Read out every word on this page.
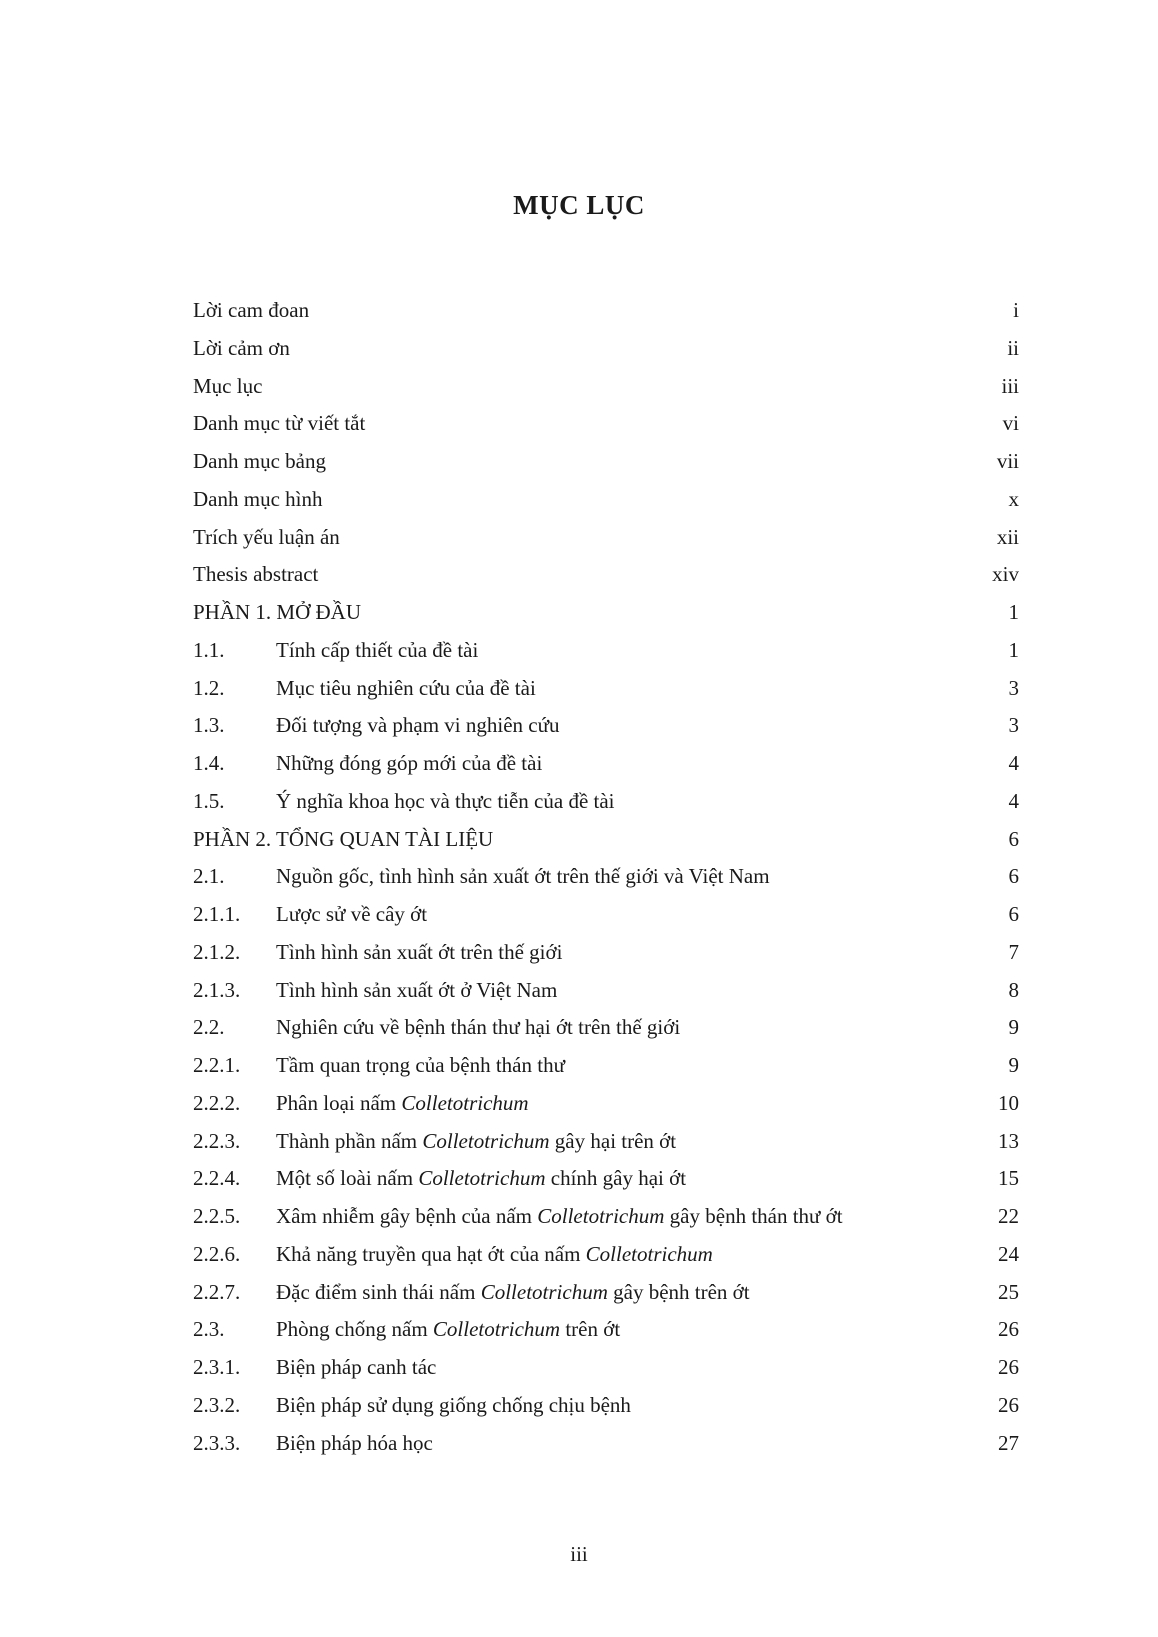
MỤC LỤC
Lời cam đoan	i
Lời cảm ơn	ii
Mục lục	iii
Danh mục từ viết tắt	vi
Danh mục bảng	vii
Danh mục hình	x
Trích yếu luận án	xii
Thesis abstract	xiv
PHẦN 1. MỞ ĐẦU	1
1.1. Tính cấp thiết của đề tài	1
1.2. Mục tiêu nghiên cứu của đề tài	3
1.3. Đối tượng và phạm vi nghiên cứu	3
1.4. Những đóng góp mới của đề tài	4
1.5. Ý nghĩa khoa học và thực tiễn của đề tài	4
PHẦN 2. TỔNG QUAN TÀI LIỆU	6
2.1. Nguồn gốc, tình hình sản xuất ớt trên thế giới và Việt Nam	6
2.1.1. Lược sử về cây ớt	6
2.1.2. Tình hình sản xuất ớt trên thế giới	7
2.1.3. Tình hình sản xuất ớt ở Việt Nam	8
2.2. Nghiên cứu về bệnh thán thư hại ớt trên thế giới	9
2.2.1. Tầm quan trọng của bệnh thán thư	9
2.2.2. Phân loại nấm Colletotrichum	10
2.2.3. Thành phần nấm Colletotrichum gây hại trên ớt	13
2.2.4. Một số loài nấm Colletotrichum chính gây hại ớt	15
2.2.5. Xâm nhiễm gây bệnh của nấm Colletotrichum gây bệnh thán thư ớt	22
2.2.6. Khả năng truyền qua hạt ớt của nấm Colletotrichum	24
2.2.7. Đặc điểm sinh thái nấm Colletotrichum gây bệnh trên ớt	25
2.3. Phòng chống nấm Colletotrichum trên ớt	26
2.3.1. Biện pháp canh tác	26
2.3.2. Biện pháp sử dụng giống chống chịu bệnh	26
2.3.3. Biện pháp hóa học	27
iii
